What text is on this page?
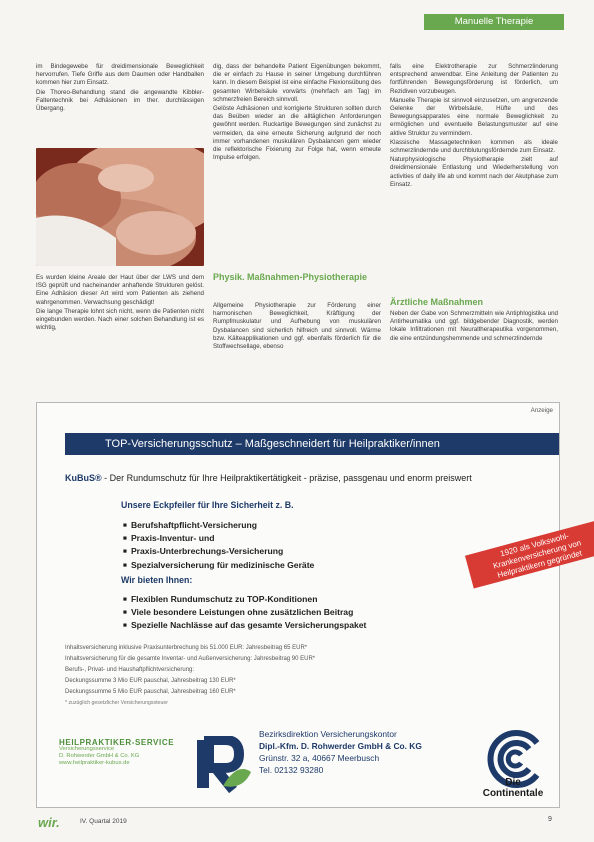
Manuelle Therapie

im Bindegewebe für dreidimensionale Beweglichkeit hervorrufen. Tiefe Griffe aus dem Daumen oder Handballen kommen hier zum Einsatz.

Die Thoreo-Behandlung stand die angewandte Kibbler-Faltentechnik bei Adhäsionen im ther. durchlässigen Übergang.

Es wurden kleine Areale der Haut über der LWS und dem ISG geprüft und nacheinander anhaftende Strukturen gelöst. Eine Adhäsion dieser Art wird vom Patienten als ziehend wahrgenommen. Verwachsung geschädigt!

Die lange Therapie lohnt sich nicht, wenn die Patienten nicht eingebunden werden. Nach einer solchen Behandlung ist es wichtig,

dig, dass der behandelte Patient Eigenübungen bekommt, die er einfach zu Hause in seiner Umgebung durchführen kann. In diesem Beispiel ist eine einfache Flexionsübung des gesamten Wirbelsäule vorwärts (mehrfach am Tag) im schmerzfreien Bereich sinnvoll.

Gelöste Adhäsionen und korrigierte Strukturen sollten durch das Beüben wieder an die alltäglichen Anforderungen gewöhnt werden. Ruckartige Bewegungen sind zunächst zu vermeiden, da eine erneute Sicherung aufgrund der noch immer vorhandenen muskulären Dysbalancen gern wieder die reflektorische Fixierung zur Folge hat, wenn erneute Impulse erfolgen.

Physik. Maßnahmen-Physiotherapie

Allgemeine Physiotherapie zur Förderung einer harmonischen Beweglichkeit, Kräftigung der Rumpfmuskulatur und Aufhebung von muskulären Dysbalancen sind sicherlich hilfreich und sinnvoll. Wärme bzw. Kälteapplikationen und ggf. ebenfalls förderlich für die Stoffwechsellage, ebenso

falls eine Elektrotherapie zur Schmerzlinderung entsprechend anwendbar. Eine Anleitung der Patienten zu fortführenden Bewegungsförderung ist förderlich, um Rezidiven vorzubeugen.

Manuelle Therapie ist sinnvoll einzusetzen, um angrenzende Gelenke der Wirbelsäule, Hüfte und des Bewegungsapparates eine normale Beweglichkeit zu ermöglichen und eventuelle Belastungsmuster auf eine aktive Struktur zu vermindern.

Klassische Massagetechniken kommen als ideale schmerzlindernde und durchblutungsfördernde zum Einsatz.

Naturphysiologische Physiotherapie zielt auf dreidimensionale Entlastung und Wiederherstellung von activities of daily life ab und kommt nach der Akutphase zum Einsatz.

Ärztliche Maßnahmen

Neben der Gabe von Schmerzmitteln wie Antiphlogistika und Antirheumatika und ggf. bildgebender Diagnostik, werden lokale Infiltrationen mit Neuraltherapeutika vorgenommen, die eine entzündungshemmende und schmerzlindernde

Anzeige
TOP-Versicherungsschutz – Maßgeschneidert für Heilpraktiker/innen
KuBuS® - Der Rundumschutz für Ihre Heilpraktikertätigkeit - präzise, passgenau und enorm preiswert
Unsere Eckpfeiler für Ihre Sicherheit z. B.
■ Berufshaftpflicht-Versicherung
■ Praxis-Inventur- und
■ Praxis-Unterbrechungs-Versicherung
■ Spezialversicherung für medizinische Geräte
1920 als Volkswohl-Krankenversicherung von Heilpraktikern gegründet
Wir bieten Ihnen:
■ Flexiblen Rundumschutz zu TOP-Konditionen
■ Viele besondere Leistungen ohne zusätzlichen Beitrag
■ Spezielle Nachlässe auf das gesamte Versicherungspaket
Inhaltsversicherung inklusive Praxisunterbrechung bis 51.000 EUR: Jahresbeitrag 65 EUR*
Inhaltsversicherung für die gesamte Inventar- und Außenversicherung: Jahresbeitrag 90 EUR*
Berufs-, Privat- und Haushaftpflichtversicherung:
Deckungssumme 3 Mio EUR pauschal, Jahresbeitrag 130 EUR*
Deckungssumme 5 Mio EUR pauschal, Jahresbeitrag 160 EUR*
* zuzüglich gesetzlicher Versicherungssteuer
HEILPRAKTIKER-SERVICE
Versicherungsservice
D. Rohwerder GmbH & Co. KG
www.heilpraktiker-kubus.de
Bezirksdirektion Versicherungskontor
Dipl.-Kfm. D. Rohwerder GmbH & Co. KG
Grünstr. 32 a, 40667 Meerbusch
Tel. 02132 93280
Die
Continentale
wir.	IV. Quartal 2019	9
